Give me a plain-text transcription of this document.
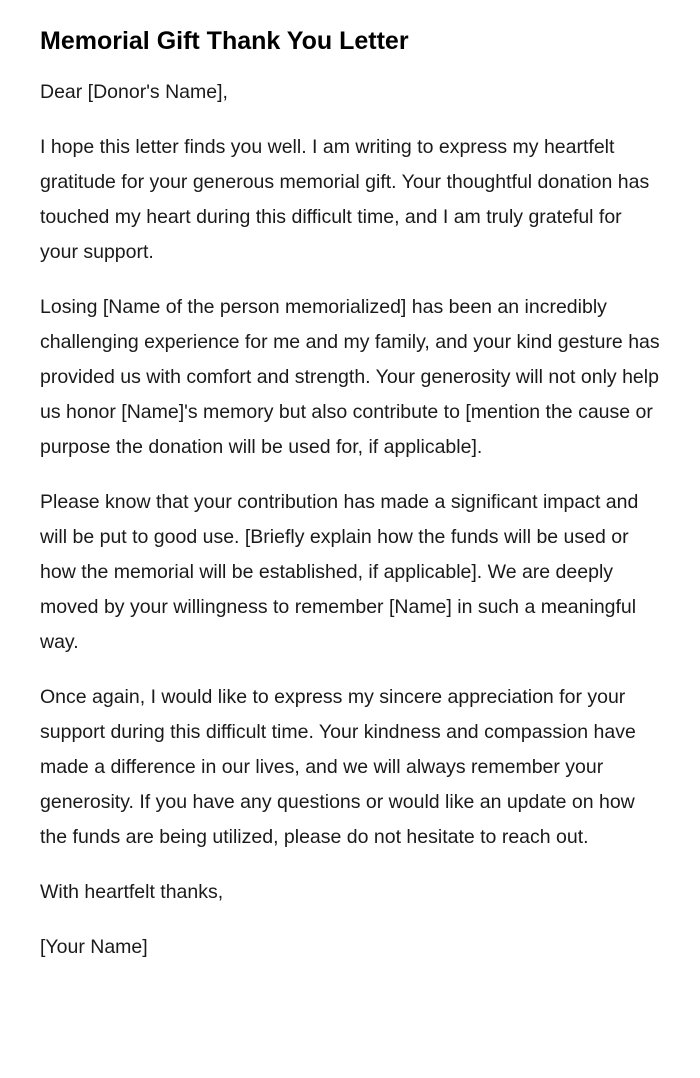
Memorial Gift Thank You Letter

Dear [Donor's Name],

I hope this letter finds you well. I am writing to express my heartfelt gratitude for your generous memorial gift. Your thoughtful donation has touched my heart during this difficult time, and I am truly grateful for your support.

Losing [Name of the person memorialized] has been an incredibly challenging experience for me and my family, and your kind gesture has provided us with comfort and strength. Your generosity will not only help us honor [Name]'s memory but also contribute to [mention the cause or purpose the donation will be used for, if applicable].

Please know that your contribution has made a significant impact and will be put to good use. [Briefly explain how the funds will be used or how the memorial will be established, if applicable]. We are deeply moved by your willingness to remember [Name] in such a meaningful way.

Once again, I would like to express my sincere appreciation for your support during this difficult time. Your kindness and compassion have made a difference in our lives, and we will always remember your generosity. If you have any questions or would like an update on how the funds are being utilized, please do not hesitate to reach out.

With heartfelt thanks,

[Your Name]
